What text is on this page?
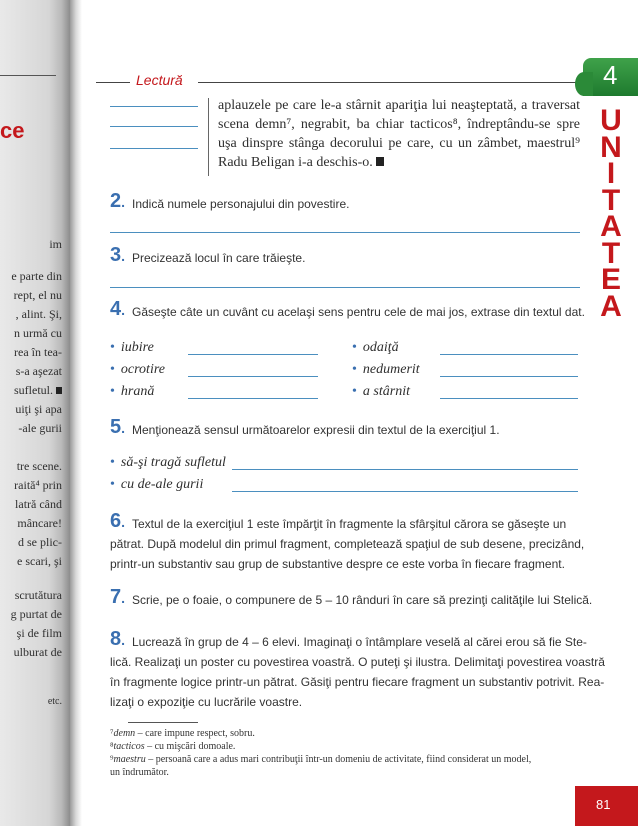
ce
im
e parte din
rept, el nu
, alint. Şi,
n urmă cu
rea în tea-
s-a aşezat
sufletul.
uiţi şi apa
-ale gurii
tre scene.
raită⁴ prin
latră când
mâncare!
d se plic-
e scari, şi
scrutătura
g purtat de
şi de film
ulburat de
etc.
Lectură	4
U
N
I
T
A
T
E
A
aplauzele pe care le-a stârnit apariţia lui neaşteptată, a traversat scena demn⁷, negrabit, ba chiar tacticos⁸, îndreptându-se spre uşa dinspre stânga decorului pe care, cu un zâmbet, maestrul⁹ Radu Beligan i-a deschis-o.
2. Indică numele personajului din povestire.
3. Precizează locul în care trăieşte.
4. Găseşte câte un cuvânt cu acelaşi sens pentru cele de mai jos, extrase din textul dat.
• iubire
• ocrotire
• hrană
• odaiţă
• nedumerit
• a stârnit
5. Menţionează sensul următoarelor expresii din textul de la exerciţiul 1.
• să-şi tragă sufletul
• cu de-ale gurii
6. Textul de la exerciţiul 1 este împărţit în fragmente la sfârşitul cărora se găseşte un
pătrat. După modelul din primul fragment, completează spaţiul de sub desene, precizând,
printr-un substantiv sau grup de substantive despre ce este vorba în fiecare fragment.
7. Scrie, pe o foaie, o compunere de 5 – 10 rânduri în care să prezinţi calităţile lui Stelică.
8. Lucrează în grup de 4 – 6 elevi. Imaginaţi o întâmplare veselă al cărei erou să fie Ste-
lică. Realizaţi un poster cu povestirea voastră. O puteţi şi ilustra. Delimitaţi povestirea voastră
în fragmente logice printr-un pătrat. Găsiţi pentru fiecare fragment un substantiv potrivit. Rea-
lizaţi o expoziţie cu lucrările voastre.
⁷demn – care impune respect, sobru.
⁸tacticos – cu mişcări domoale.
⁹maestru – persoană care a adus mari contribuţii într-un domeniu de activitate, fiind considerat un model,
un îndrumător.
81
